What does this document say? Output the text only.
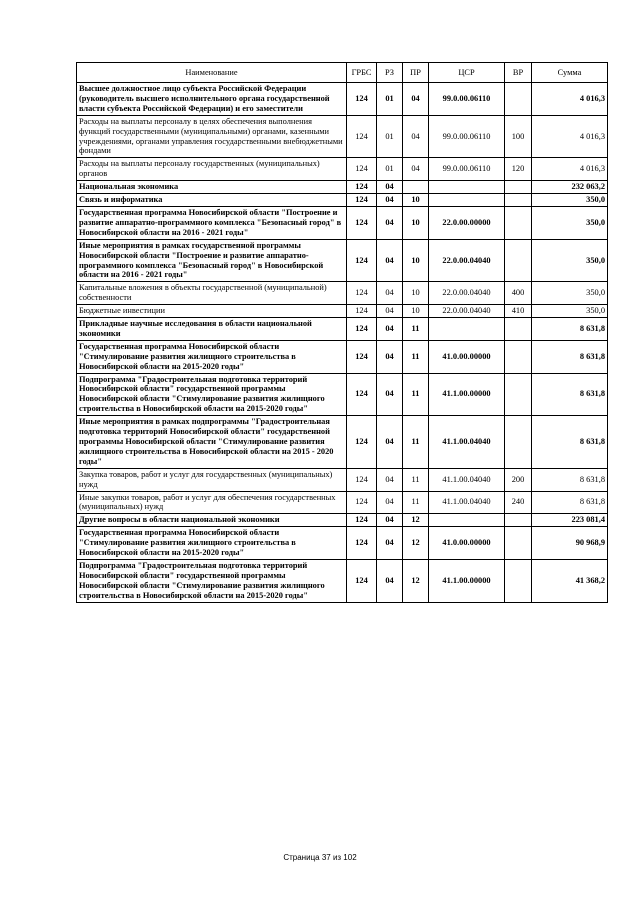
Наименование	ГРБС	РЗ	ПР	ЦСР	ВР	Сумма
Высшее должностное лицо субъекта Российской Федерации (руководитель высшего исполнительного органа государственной власти субъекта Российской Федерации) и его заместители	124	01	04	99.0.00.06110		4 016,3
Расходы на выплаты персоналу в целях обеспечения выполнения функций государственными (муниципальными) органами, казенными учреждениями, органами управления государственными внебюджетными фондами	124	01	04	99.0.00.06110	100	4 016,3
Расходы на выплаты персоналу государственных (муниципальных) органов	124	01	04	99.0.00.06110	120	4 016,3
Национальная экономика	124	04				232 063,2
Связь и информатика	124	04	10			350,0
Государственная программа Новосибирской области "Построение и развитие аппаратно-программного комплекса "Безопасный город" в Новосибирской области на 2016 - 2021 годы"	124	04	10	22.0.00.00000		350,0
Иные мероприятия в рамках государственной программы Новосибирской области "Построение и развитие аппаратно-программного комплекса "Безопасный город" в Новосибирской области на 2016 - 2021 годы"	124	04	10	22.0.00.04040		350,0
Капитальные вложения в объекты государственной (муниципальной) собственности	124	04	10	22.0.00.04040	400	350,0
Бюджетные инвестиции	124	04	10	22.0.00.04040	410	350,0
Прикладные научные исследования в области национальной экономики	124	04	11			8 631,8
Государственная программа Новосибирской области "Стимулирование развития жилищного строительства в Новосибирской области на 2015-2020 годы"	124	04	11	41.0.00.00000		8 631,8
Подпрограмма "Градостроительная подготовка территорий Новосибирской области" государственной программы Новосибирской области "Стимулирование развития жилищного строительства в Новосибирской области на 2015-2020 годы"	124	04	11	41.1.00.00000		8 631,8
Иные мероприятия в рамках подпрограммы "Градостроительная подготовка территорий Новосибирской области" государственной программы Новосибирской области "Стимулирование развития жилищного строительства в Новосибирской области на 2015 - 2020 годы"	124	04	11	41.1.00.04040		8 631,8
Закупка товаров, работ и услуг для государственных (муниципальных) нужд	124	04	11	41.1.00.04040	200	8 631,8
Иные закупки товаров, работ и услуг для обеспечения государственных (муниципальных) нужд	124	04	11	41.1.00.04040	240	8 631,8
Другие вопросы в области национальной экономики	124	04	12			223 081,4
Государственная программа Новосибирской области "Стимулирование развития жилищного строительства в Новосибирской области на 2015-2020 годы"	124	04	12	41.0.00.00000		90 968,9
Подпрограмма "Градостроительная подготовка территорий Новосибирской области" государственной программы Новосибирской области "Стимулирование развития жилищного строительства в Новосибирской области на 2015-2020 годы"	124	04	12	41.1.00.00000		41 368,2
Страница 37 из 102
